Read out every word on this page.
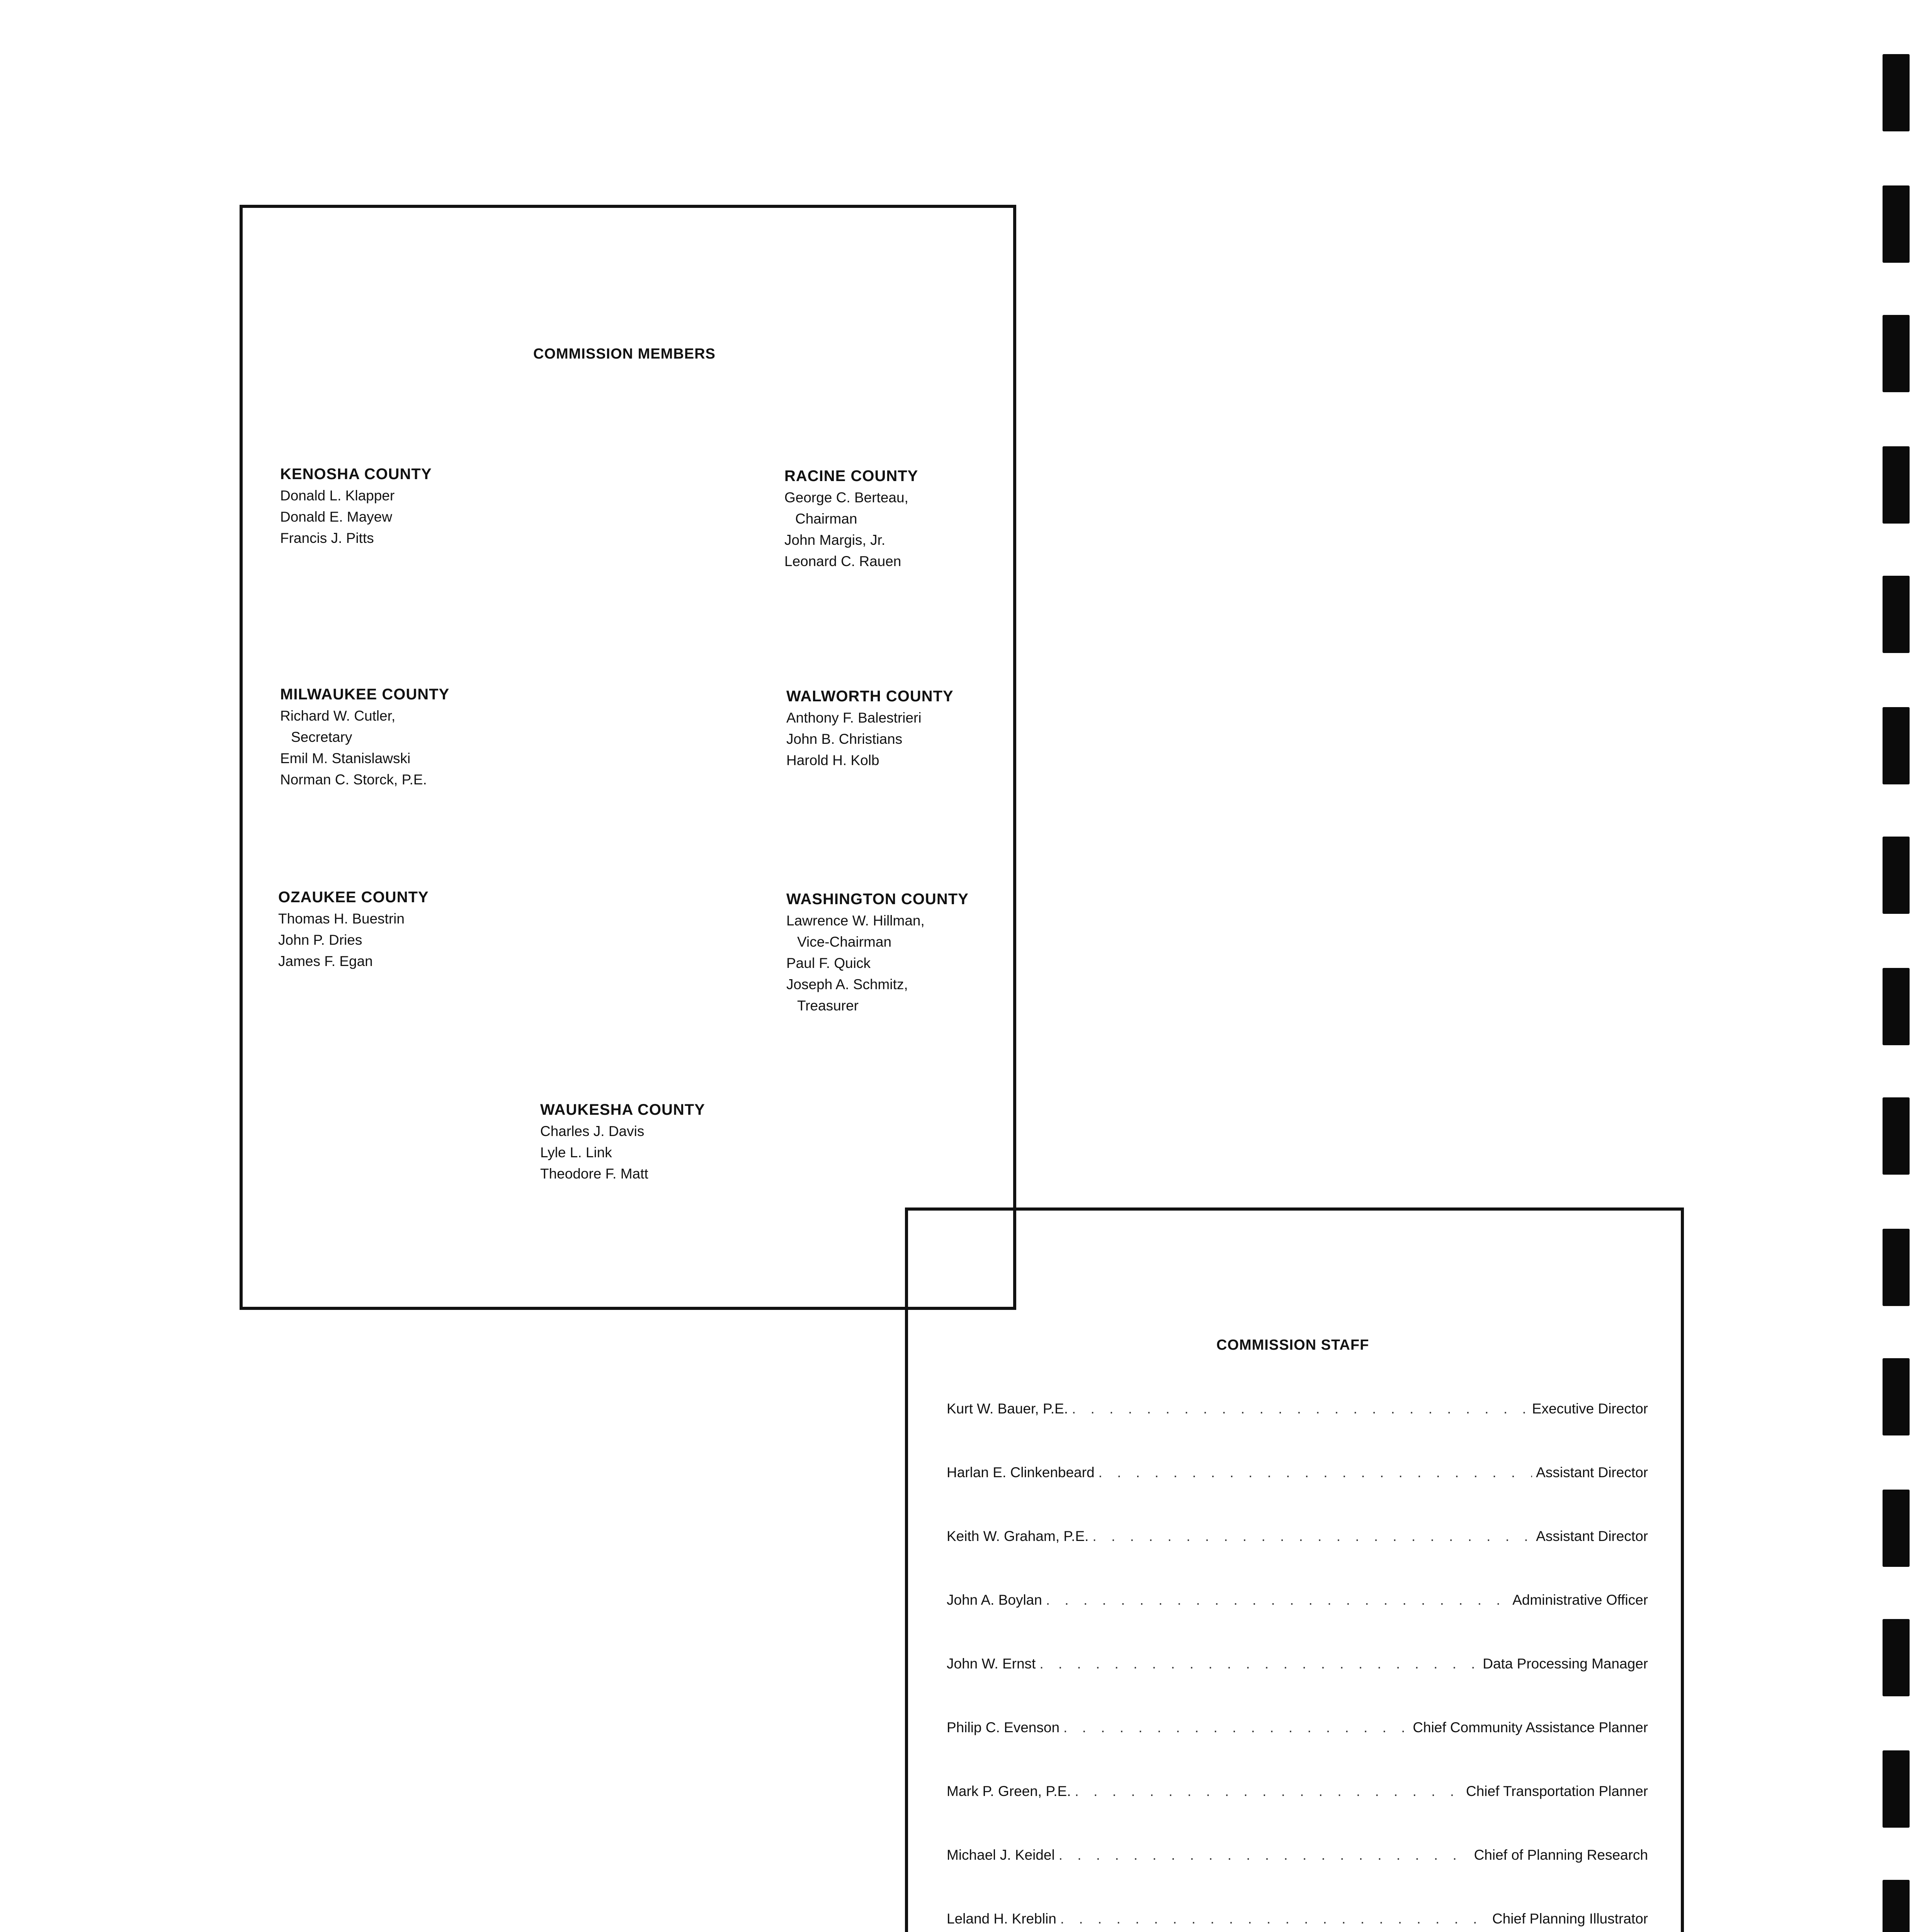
COMMISSION MEMBERS
KENOSHA COUNTY
Donald L. Klapper
Donald E. Mayew
Francis J. Pitts
RACINE COUNTY
George C. Berteau,
Chairman
John Margis, Jr.
Leonard C. Rauen
MILWAUKEE COUNTY
Richard W. Cutler,
Secretary
Emil M. Stanislawski
Norman C. Storck, P.E.
WALWORTH COUNTY
Anthony F. Balestrieri
John B. Christians
Harold H. Kolb
OZAUKEE COUNTY
Thomas H. Buestrin
John P. Dries
James F. Egan
WASHINGTON COUNTY
Lawrence W. Hillman,
Vice-Chairman
Paul F. Quick
Joseph A. Schmitz,
Treasurer
WAUKESHA COUNTY
Charles J. Davis
Lyle L. Link
Theodore F. Matt
COMMISSION STAFF
Kurt W. Bauer, P.E. . . .	Executive Director
Harlan E. Clinkenbeard . . .	Assistant Director
Keith W. Graham, P.E. . . .	Assistant Director
John A. Boylan . . .	Administrative Officer
John W. Ernst . . .	Data Processing Manager
Philip C. Evenson . . .	Chief Community Assistance Planner
Mark P. Green, P.E. . . .	Chief Transportation Planner
Michael J. Keidel . . .	Chief of Planning Research
Leland H. Kreblin . . .	Chief Planning Illustrator
